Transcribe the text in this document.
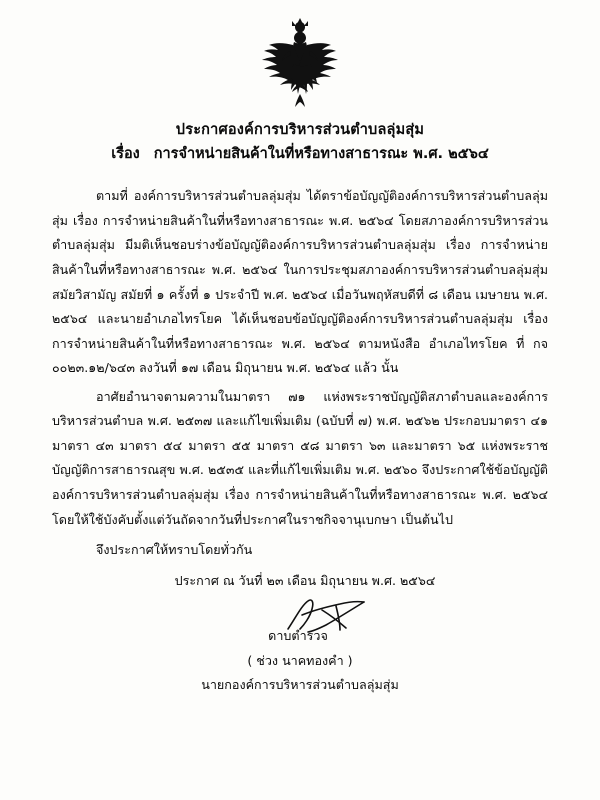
ประกาศองค์การบริหารส่วนตำบลลุ่มสุ่ม
เรื่อง การจำหน่ายสินค้าในที่หรือทางสาธารณะ พ.ศ. ๒๕๖๔

ตามที่ องค์การบริหารส่วนตำบลลุ่มสุ่ม ได้ตราข้อบัญญัติองค์การบริหารส่วนตำบลลุ่มสุ่ม เรื่อง การจำหน่ายสินค้าในที่หรือทางสาธารณะ พ.ศ. ๒๕๖๔ โดยสภาองค์การบริหารส่วนตำบลลุ่มสุ่ม มีมติเห็นชอบร่างข้อบัญญัติองค์การบริหารส่วนตำบลลุ่มสุ่ม เรื่อง การจำหน่ายสินค้าในที่หรือทางสาธารณะ พ.ศ. ๒๕๖๔ ในการประชุมสภาองค์การบริหารส่วนตำบลลุ่มสุ่ม สมัยวิสามัญ สมัยที่ ๑ ครั้งที่ ๑ ประจำปี พ.ศ. ๒๕๖๔ เมื่อวันพฤหัสบดีที่ ๘ เดือน เมษายน พ.ศ. ๒๕๖๔ และนายอำเภอไทรโยค ได้เห็นชอบข้อบัญญัติองค์การบริหารส่วนตำบลลุ่มสุ่ม เรื่อง การจำหน่ายสินค้าในที่หรือทางสาธารณะ พ.ศ. ๒๕๖๔ ตามหนังสือ อำเภอไทรโยค ที่ กจ ๐๐๒๓.๑๒/๖๔๓ ลงวันที่ ๑๗ เดือน มิถุนายน พ.ศ. ๒๕๖๔ แล้ว นั้น

อาศัยอำนาจตามความในมาตรา ๗๑ แห่งพระราชบัญญัติสภาตำบลและองค์การบริหารส่วนตำบล พ.ศ. ๒๕๓๗ และแก้ไขเพิ่มเติม (ฉบับที่ ๗) พ.ศ. ๒๕๖๒ ประกอบมาตรา ๔๑ มาตรา ๔๓ มาตรา ๕๔ มาตรา ๕๕ มาตรา ๕๘ มาตรา ๖๓ และมาตรา ๖๕ แห่งพระราชบัญญัติการสาธารณสุข พ.ศ. ๒๕๓๕ และที่แก้ไขเพิ่มเติม พ.ศ. ๒๕๖๐ จึงประกาศใช้ข้อบัญญัติองค์การบริหารส่วนตำบลลุ่มสุ่ม เรื่อง การจำหน่ายสินค้าในที่หรือทางสาธารณะ พ.ศ. ๒๕๖๔ โดยให้ใช้บังคับตั้งแต่วันถัดจากวันที่ประกาศในราชกิจจานุเบกษา เป็นต้นไป

จึงประกาศให้ทราบโดยทั่วกัน
ประกาศ ณ วันที่ ๒๓ เดือน มิถุนายน พ.ศ. ๒๕๖๔
ดาบตำรวจ
( ช่วง นาคทองคำ )
นายกองค์การบริหารส่วนตำบลลุ่มสุ่ม
